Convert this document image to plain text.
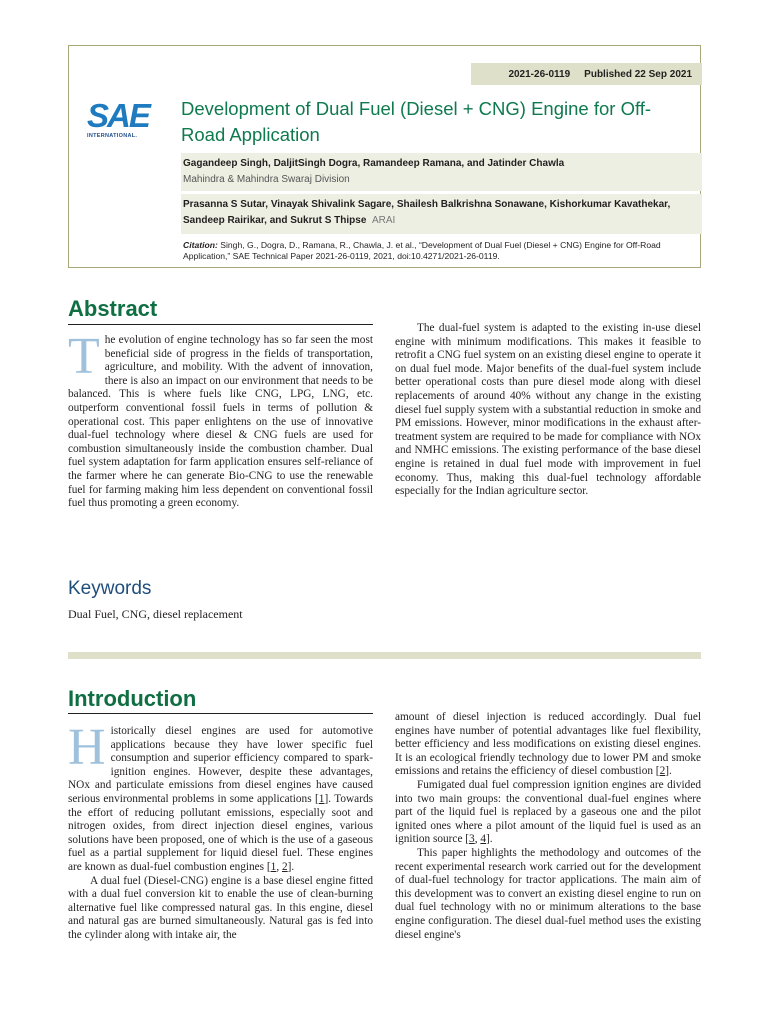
2021-26-0119 Published 22 Sep 2021
SAE
INTERNATIONAL.
Development of Dual Fuel (Diesel + CNG) Engine for Off-Road Application
Gagandeep Singh, DaljitSingh Dogra, Ramandeep Ramana, and Jatinder Chawla
Mahindra & Mahindra Swaraj Division
Prasanna S Sutar, Vinayak Shivalink Sagare, Shailesh Balkrishna Sonawane, Kishorkumar Kavathekar, Sandeep Rairikar, and Sukrut S Thipse ARAI
Citation: Singh, G., Dogra, D., Ramana, R., Chawla, J. et al., “Development of Dual Fuel (Diesel + CNG) Engine for Off-Road Application,” SAE Technical Paper 2021-26-0119, 2021, doi:10.4271/2021-26-0119.
Abstract

The evolution of engine technology has so far seen the most beneficial side of progress in the fields of transportation, agriculture, and mobility. With the advent of innovation, there is also an impact on our environment that needs to be balanced. This is where fuels like CNG, LPG, LNG, etc. outperform conventional fossil fuels in terms of pollution & operational cost. This paper enlightens on the use of innovative dual-fuel technology where diesel & CNG fuels are used for combustion simultaneously inside the combustion chamber. Dual fuel system adaptation for farm application ensures self-reliance of the farmer where he can generate Bio-CNG to use the renewable fuel for farming making him less dependent on conventional fossil fuel thus promoting a green economy.

The dual-fuel system is adapted to the existing in-use diesel engine with minimum modifications. This makes it feasible to retrofit a CNG fuel system on an existing diesel engine to operate it on dual fuel mode. Major benefits of the dual-fuel system include better operational costs than pure diesel mode along with diesel replacements of around 40% without any change in the existing diesel fuel supply system with a substantial reduction in smoke and PM emissions. However, minor modifications in the exhaust after-treatment system are required to be made for compliance with NOx and NMHC emissions. The existing performance of the base diesel engine is retained in dual fuel mode with improvement in fuel economy. Thus, making this dual-fuel technology affordable especially for the Indian agriculture sector.

Keywords
Dual Fuel, CNG, diesel replacement
Introduction

Historically diesel engines are used for automotive applications because they have lower specific fuel consumption and superior efficiency compared to spark-ignition engines. However, despite these advantages, NOx and particulate emissions from diesel engines have caused serious environmental problems in some applications [1]. Towards the effort of reducing pollutant emissions, especially soot and nitrogen oxides, from direct injection diesel engines, various solutions have been proposed, one of which is the use of a gaseous fuel as a partial supplement for liquid diesel fuel. These engines are known as dual-fuel combustion engines [1, 2].

A dual fuel (Diesel-CNG) engine is a base diesel engine fitted with a dual fuel conversion kit to enable the use of clean-burning alternative fuel like compressed natural gas. In this engine, diesel and natural gas are burned simultaneously. Natural gas is fed into the cylinder along with intake air, the

amount of diesel injection is reduced accordingly. Dual fuel engines have number of potential advantages like fuel flexibility, better efficiency and less modifications on existing diesel engines. It is an ecological friendly technology due to lower PM and smoke emissions and retains the efficiency of diesel combustion [2].

Fumigated dual fuel compression ignition engines are divided into two main groups: the conventional dual-fuel engines where part of the liquid fuel is replaced by a gaseous one and the pilot ignited ones where a pilot amount of the liquid fuel is used as an ignition source [3, 4].

This paper highlights the methodology and outcomes of the recent experimental research work carried out for the development of dual-fuel technology for tractor applications. The main aim of this development was to convert an existing diesel engine to run on dual fuel technology with no or minimum alterations to the base engine configuration. The diesel dual-fuel method uses the existing diesel engine's
